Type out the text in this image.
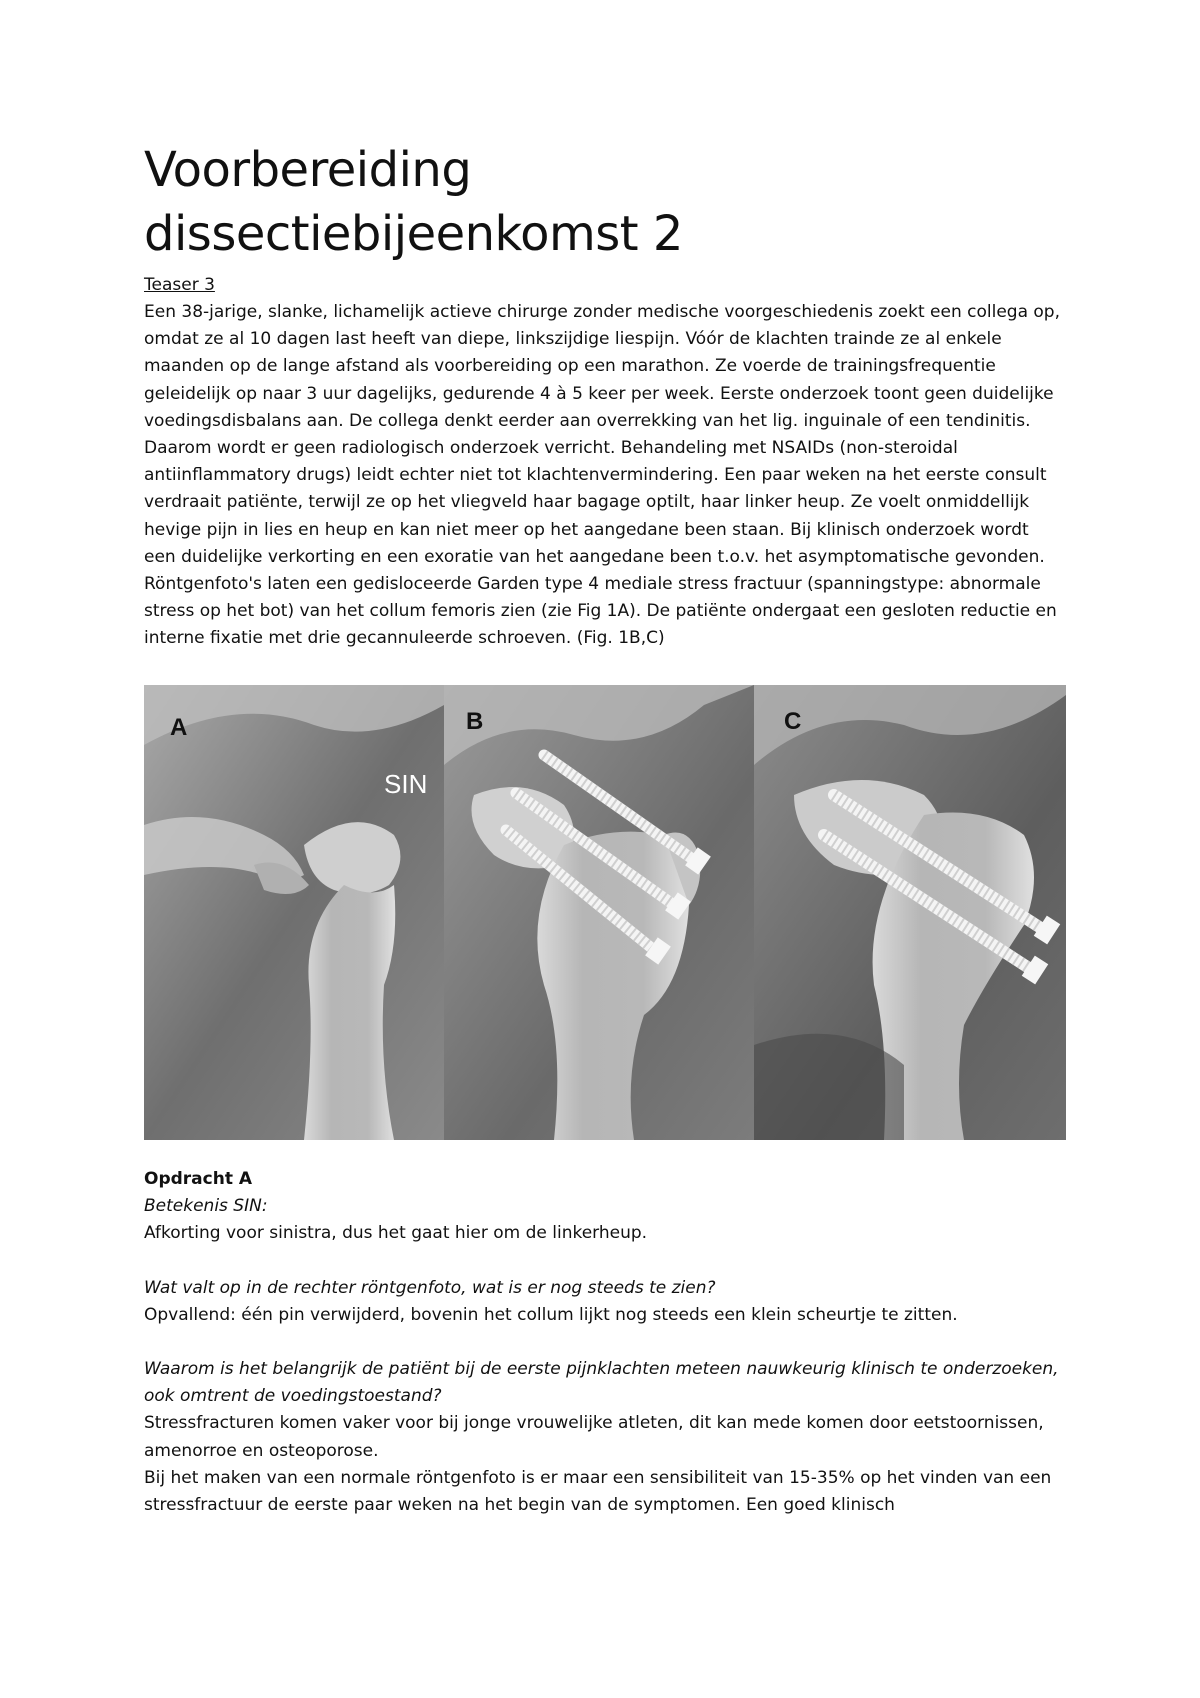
Voorbereiding
dissectiebijeenkomst 2
Teaser 3

Een 38-jarige, slanke, lichamelijk actieve chirurge zonder medische voorgeschiedenis zoekt een collega op, omdat ze al 10 dagen last heeft van diepe, linkszijdige liespijn. Vóór de klachten trainde ze al enkele maanden op de lange afstand als voorbereiding op een marathon. Ze voerde de trainingsfrequentie geleidelijk op naar 3 uur dagelijks, gedurende 4 à 5 keer per week. Eerste onderzoek toont geen duidelijke voedingsdisbalans aan. De collega denkt eerder aan overrekking van het lig. inguinale of een tendinitis. Daarom wordt er geen radiologisch onderzoek verricht. Behandeling met NSAIDs (non-steroidal antiinflammatory drugs) leidt echter niet tot klachtenvermindering. Een paar weken na het eerste consult verdraait patiënte, terwijl ze op het vliegveld haar bagage optilt, haar linker heup. Ze voelt onmiddellijk hevige pijn in lies en heup en kan niet meer op het aangedane been staan. Bij klinisch onderzoek wordt een duidelijke verkorting en een exoratie van het aangedane been t.o.v. het asymptomatische gevonden. Röntgenfoto's laten een gedisloceerde Garden type 4 mediale stress fractuur (spanningstype: abnormale stress op het bot) van het collum femoris zien (zie Fig 1A). De patiënte ondergaat een gesloten reductie en interne fixatie met drie gecannuleerde schroeven. (Fig. 1B,C)

A
SIN
B	C

Opdracht A

Betekenis SIN:

Afkorting voor sinistra, dus het gaat hier om de linkerheup.

Wat valt op in de rechter röntgenfoto, wat is er nog steeds te zien?

Opvallend: één pin verwijderd, bovenin het collum lijkt nog steeds een klein scheurtje te zitten.

Waarom is het belangrijk de patiënt bij de eerste pijnklachten meteen nauwkeurig klinisch te onderzoeken, ook omtrent de voedingstoestand?

Stressfracturen komen vaker voor bij jonge vrouwelijke atleten, dit kan mede komen door eetstoornissen, amenorroe en osteoporose.

Bij het maken van een normale röntgenfoto is er maar een sensibiliteit van 15-35% op het vinden van een stressfractuur de eerste paar weken na het begin van de symptomen. Een goed klinisch
